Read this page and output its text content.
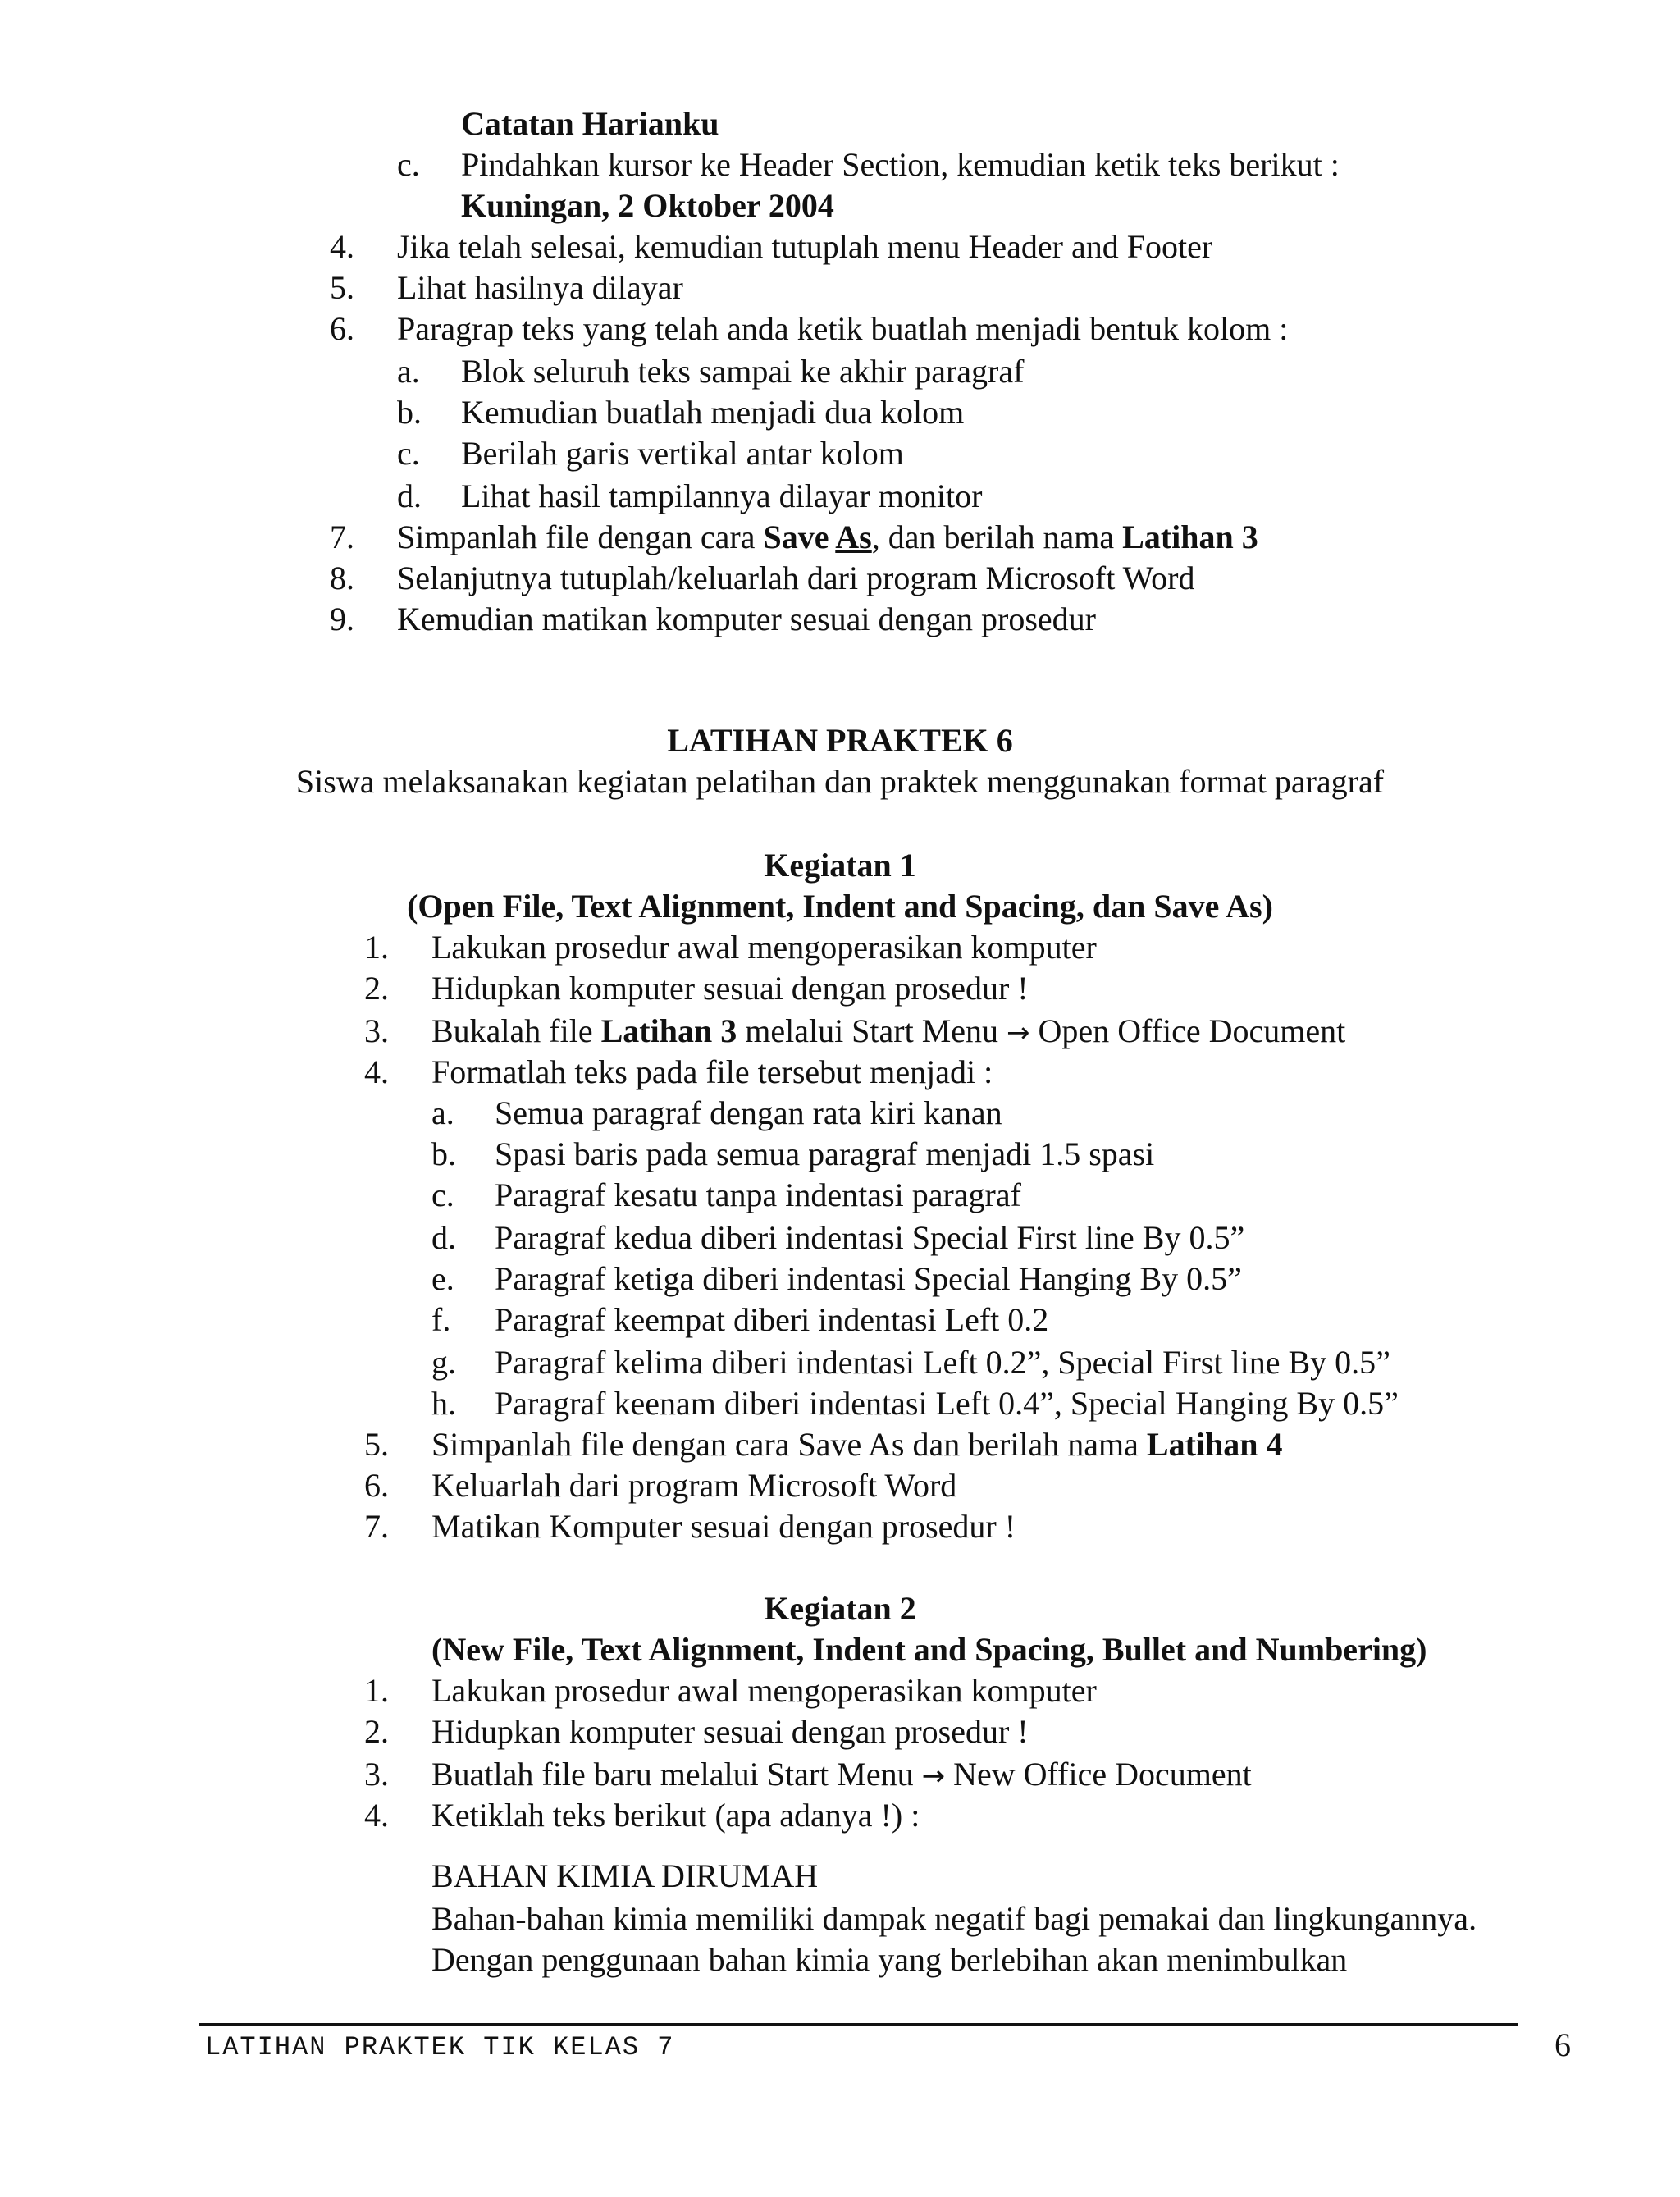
Catatan Harianku
c. Pindahkan kursor ke Header Section, kemudian ketik teks berikut :
Kuningan, 2 Oktober 2004
4. Jika telah selesai, kemudian tutuplah menu Header and Footer
5. Lihat hasilnya dilayar
6. Paragrap teks yang telah anda ketik buatlah menjadi bentuk kolom :
a. Blok seluruh teks sampai ke akhir paragraf
b. Kemudian buatlah menjadi dua kolom
c. Berilah garis vertikal antar kolom
d. Lihat hasil tampilannya dilayar monitor
7. Simpanlah file dengan cara Save As, dan berilah nama Latihan 3
8. Selanjutnya tutuplah/keluarlah dari program Microsoft Word
9. Kemudian matikan komputer sesuai dengan prosedur
LATIHAN PRAKTEK 6
Siswa melaksanakan kegiatan pelatihan dan praktek menggunakan format paragraf
Kegiatan 1
(Open File, Text Alignment, Indent and Spacing, dan Save As)
1. Lakukan prosedur awal mengoperasikan komputer
2. Hidupkan komputer sesuai dengan prosedur !
3. Bukalah file Latihan 3 melalui Start Menu → Open Office Document
4. Formatlah teks pada file tersebut menjadi :
a. Semua paragraf dengan rata kiri kanan
b. Spasi baris pada semua paragraf menjadi 1.5 spasi
c. Paragraf kesatu tanpa indentasi paragraf
d. Paragraf kedua diberi indentasi Special First line By 0.5”
e. Paragraf ketiga diberi indentasi Special Hanging By 0.5”
f. Paragraf keempat diberi indentasi Left 0.2
g. Paragraf kelima diberi indentasi Left 0.2”, Special First line By 0.5”
h. Paragraf keenam diberi indentasi Left 0.4”, Special Hanging By 0.5”
5. Simpanlah file dengan cara Save As dan berilah nama Latihan 4
6. Keluarlah dari program Microsoft Word
7. Matikan Komputer sesuai dengan prosedur !
Kegiatan 2
(New File, Text Alignment, Indent and Spacing, Bullet and Numbering)
1. Lakukan prosedur awal mengoperasikan komputer
2. Hidupkan komputer sesuai dengan prosedur !
3. Buatlah file baru melalui Start Menu → New Office Document
4. Ketiklah teks berikut (apa adanya !) :
BAHAN KIMIA DIRUMAH
Bahan-bahan kimia memiliki dampak negatif bagi pemakai dan lingkungannya.
Dengan penggunaan bahan kimia yang berlebihan akan menimbulkan
LATIHAN PRAKTEK TIK KELAS 7	6
